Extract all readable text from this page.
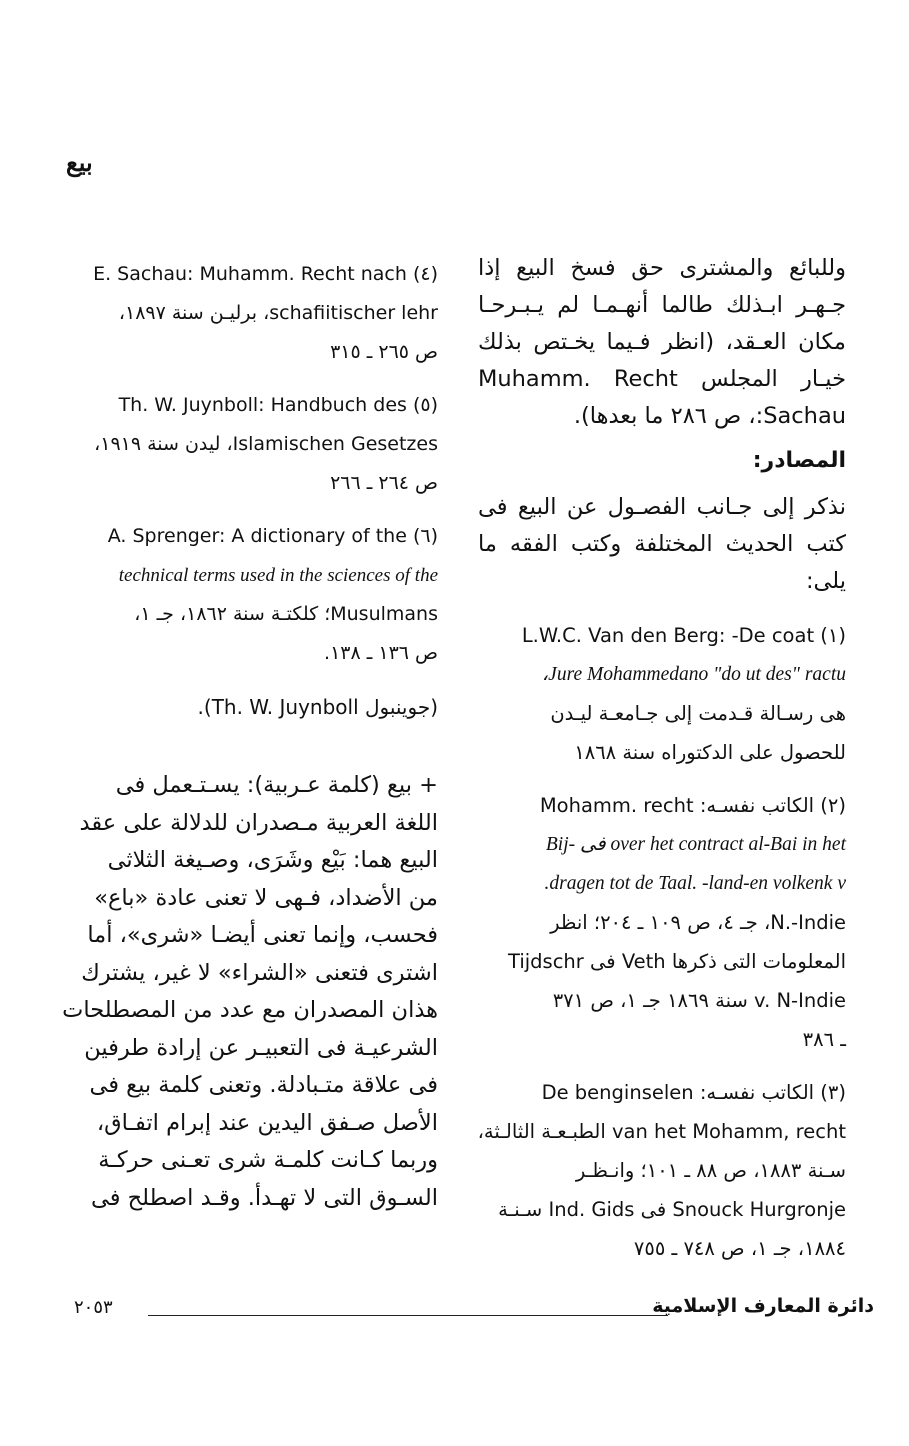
بيع
وللبائع والمشترى حق فسخ البيع إذا جـهـر ابـذلك طالما أنهـمـا لم يـبـرحـا مكان العـقد، (انظر فـيما يخـتص بذلك خيـار المجلس Muhamm. Recht :Sachau، ص ٢٨٦ ما بعدها).
المصادر:
نذكر إلى جـانب الفصـول عن البيع فى كتب الحديث المختلفة وكتب الفقه ما يلى:
(١) L.W.C. Van den Berg: -De coat
Jure Mohammedano "do ut des" ractu،
هى رسـالة قـدمت إلى جـامعـة ليـدن
للحصول على الدكتوراه سنة ١٨٦٨
(٢) الكاتب نفسـه: Mohamm. recht
over het contract al-Bai in het فى -Bij
dragen tot de Taal. -land-en volkenk v.
N.-Indie، جـ ٤، ص ١٠٩ ـ ٢٠٤؛ انظر
المعلومات التى ذكرها Veth فى Tijdschr
v. N-Indie سنة ١٨٦٩ جـ ١، ص ٣٧١
ـ ٣٨٦
(٣) الكاتب نفسـه: De benginselen
van het Mohamm, recht الطبـعـة الثالـثة،
سـنة ١٨٨٣، ص ٨٨ ـ ١٠١؛ وانـظـر
Snouck Hurgronje فى Ind. Gids سـنـة
١٨٨٤، جـ ١، ص ٧٤٨ ـ ٧٥٥
(٤) E. Sachau: Muhamm. Recht nach
schafiitischer lehr، برليـن سنة ١٨٩٧،
ص ٢٦٥ ـ ٣١٥
(٥) Th. W. Juynboll: Handbuch des
Islamischen Gesetzes، ليدن سنة ١٩١٩،
ص ٢٦٤ ـ ٢٦٦
(٦) A. Sprenger: A dictionary of the
technical terms used in the sciences of the
Musulmans؛ كلكتـة سنة ١٨٦٢، جـ ١،
ص ١٣٦ ـ ١٣٨.
(جوينبول Th. W. Juynboll).
+ بيع (كلمة عـربية): يسـتـعمل فى
اللغة العربية مـصدران للدلالة على عقد
البيع هما: بَيْع وشَرَى، وصـيغة الثلاثى
من الأضداد، فـهى لا تعنى عادة «باع»
فحسب، وإنما تعنى أيضـا «شرى»، أما
اشترى فتعنى «الشراء» لا غير، يشترك
هذان المصدران مع عدد من المصطلحات
الشرعيـة فى التعبيـر عن إرادة طرفين
فى علاقة متـبادلة. وتعنى كلمة بيع فى
الأصل صـفق اليدين عند إبرام اتفـاق،
وربما كـانت كلمـة شرى تعـنى حركـة
السـوق التى لا تهـدأ. وقـد اصطلح فى
دائرة المعارف الإسلامية
٢٠٥٣
